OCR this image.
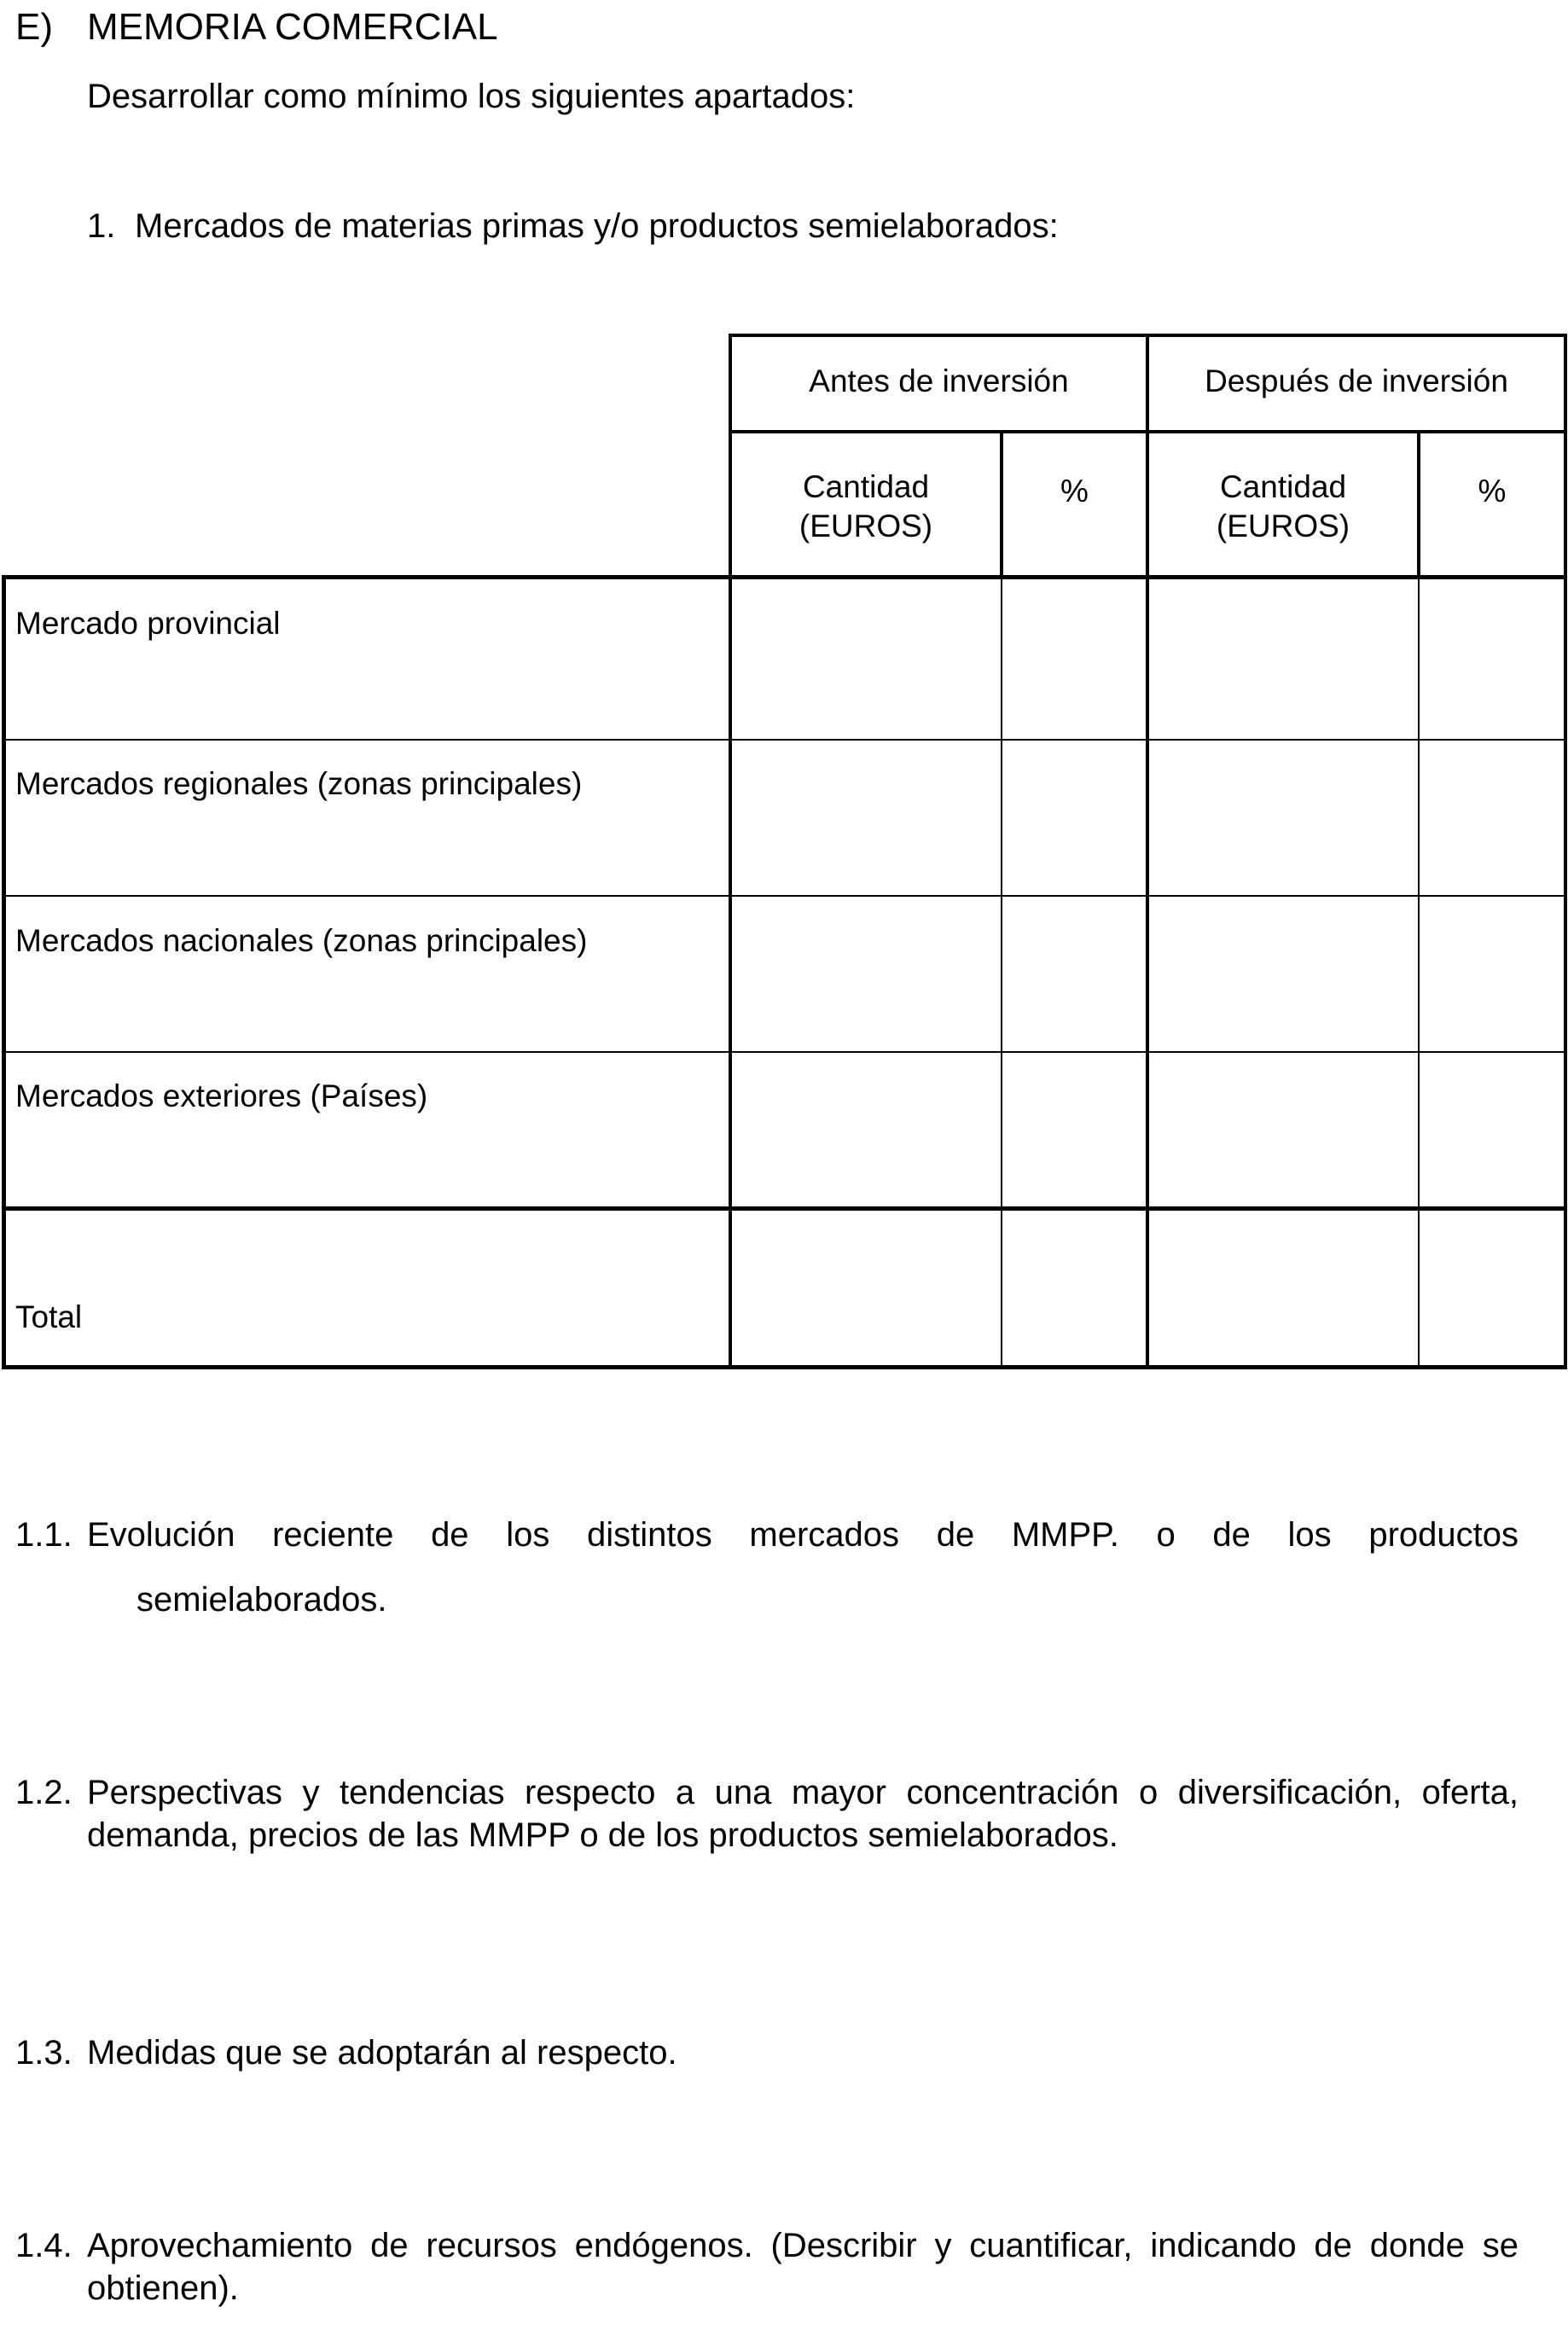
E) MEMORIA COMERCIAL
Desarrollar como mínimo los siguientes apartados:
1. Mercados de materias primas y/o productos semielaborados:
Antes de inversión	Después de inversión
Cantidad
(EUROS)
%	Cantidad
(EUROS)
%
Mercado provincial
Mercados regionales (zonas principales)
Mercados nacionales (zonas principales)
Mercados exteriores (Países)
Total
1.1. Evolución reciente de los distintos mercados de MMPP. o de los productos
semielaborados.
1.2. Perspectivas y tendencias respecto a una mayor concentración o diversificación, oferta, demanda, precios de las MMPP o de los productos semielaborados.
1.3. Medidas que se adoptarán al respecto.
1.4. Aprovechamiento de recursos endógenos. (Describir y cuantificar, indicando de donde se obtienen).
